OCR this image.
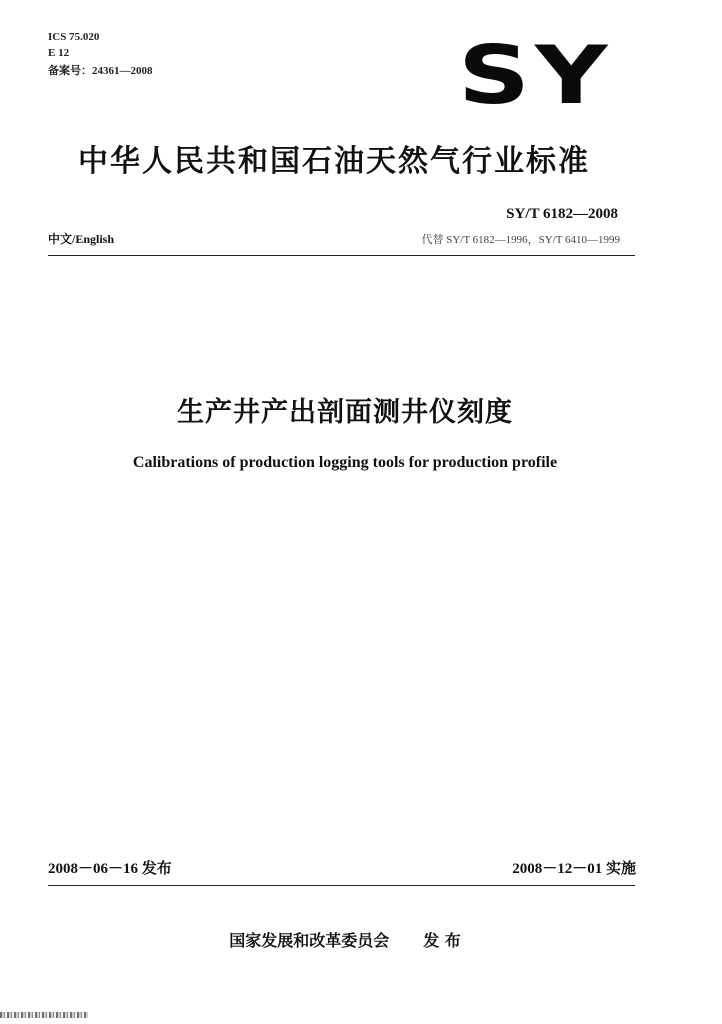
ICS 75.020
E 12
备案号：24361—2008	SY
中华人民共和国石油天然气行业标准
SY/T 6182—2008
中文/English	代替 SY/T 6182—1996，SY/T 6410—1999
生产井产出剖面测井仪刻度
Calibrations of production logging tools for production profile
2008－06－16 发布	2008－12－01 实施
国家发展和改革委员会 发 布
